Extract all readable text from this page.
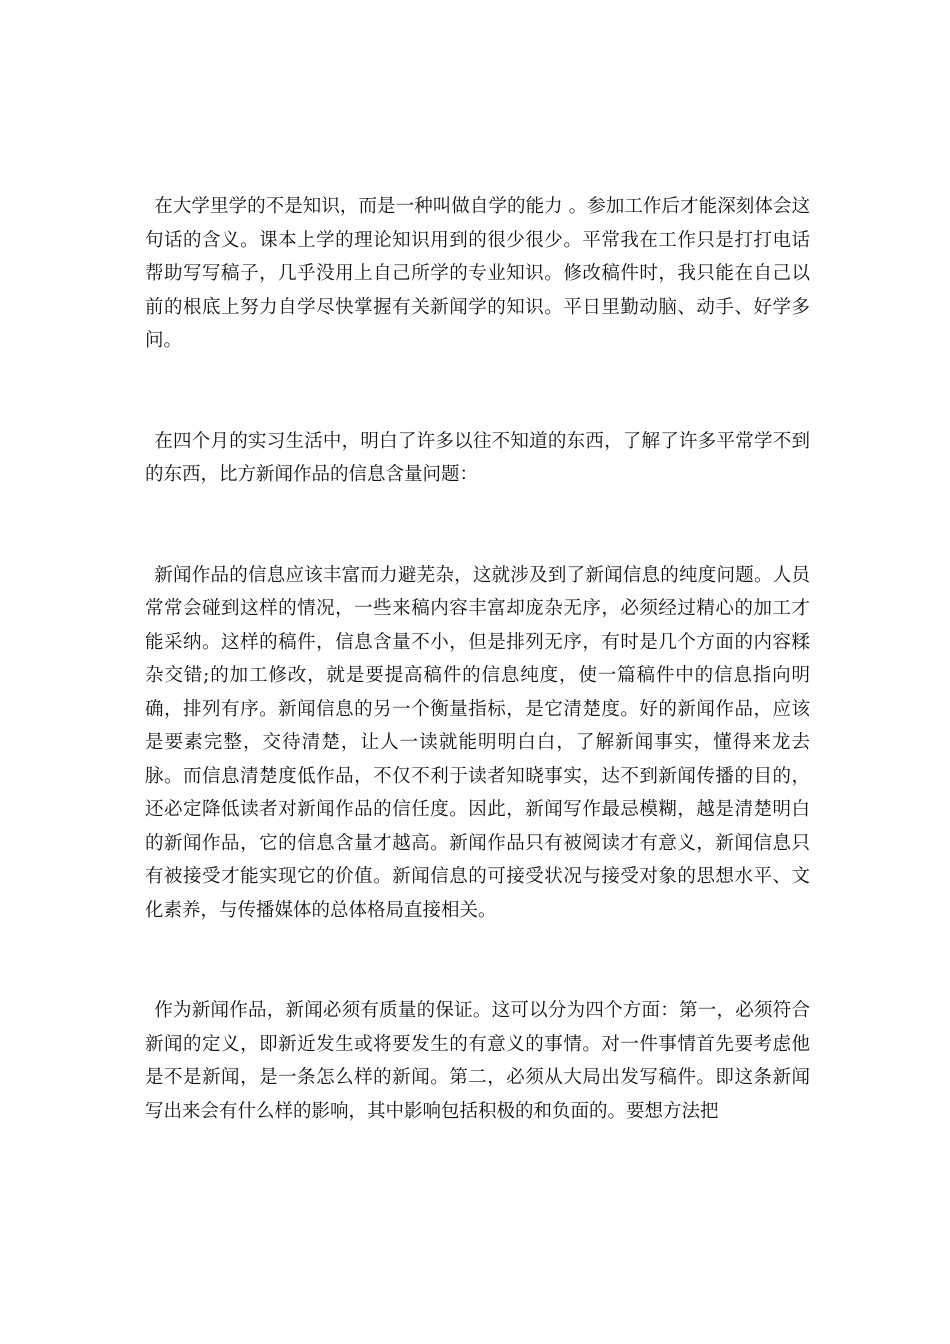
在大学里学的不是知识，而是一种叫做自学的能力 。参加工作后才能深刻体会这句话的含义。课本上学的理论知识用到的很少很少。平常我在工作只是打打电话帮助写写稿子，几乎没用上自己所学的专业知识。修改稿件时，我只能在自己以前的根底上努力自学尽快掌握有关新闻学的知识。平日里勤动脑、动手、好学多问。

在四个月的实习生活中，明白了许多以往不知道的东西，了解了许多平常学不到的东西，比方新闻作品的信息含量问题：

新闻作品的信息应该丰富而力避芜杂，这就涉及到了新闻信息的纯度问题。人员常常会碰到这样的情况，一些来稿内容丰富却庞杂无序，必须经过精心的加工才能采纳。这样的稿件，信息含量不小，但是排列无序，有时是几个方面的内容糅杂交错;的加工修改，就是要提高稿件的信息纯度，使一篇稿件中的信息指向明确，排列有序。新闻信息的另一个衡量指标，是它清楚度。好的新闻作品，应该是要素完整，交待清楚，让人一读就能明明白白，了解新闻事实，懂得来龙去脉。而信息清楚度低作品，不仅不利于读者知晓事实，达不到新闻传播的目的，还必定降低读者对新闻作品的信任度。因此，新闻写作最忌模糊，越是清楚明白的新闻作品，它的信息含量才越高。新闻作品只有被阅读才有意义，新闻信息只有被接受才能实现它的价值。新闻信息的可接受状况与接受对象的思想水平、文化素养，与传播媒体的总体格局直接相关。

作为新闻作品，新闻必须有质量的保证。这可以分为四个方面：第一，必须符合新闻的定义，即新近发生或将要发生的有意义的事情。对一件事情首先要考虑他是不是新闻，是一条怎么样的新闻。第二，必须从大局出发写稿件。即这条新闻写出来会有什么样的影响，其中影响包括积极的和负面的。要想方法把
